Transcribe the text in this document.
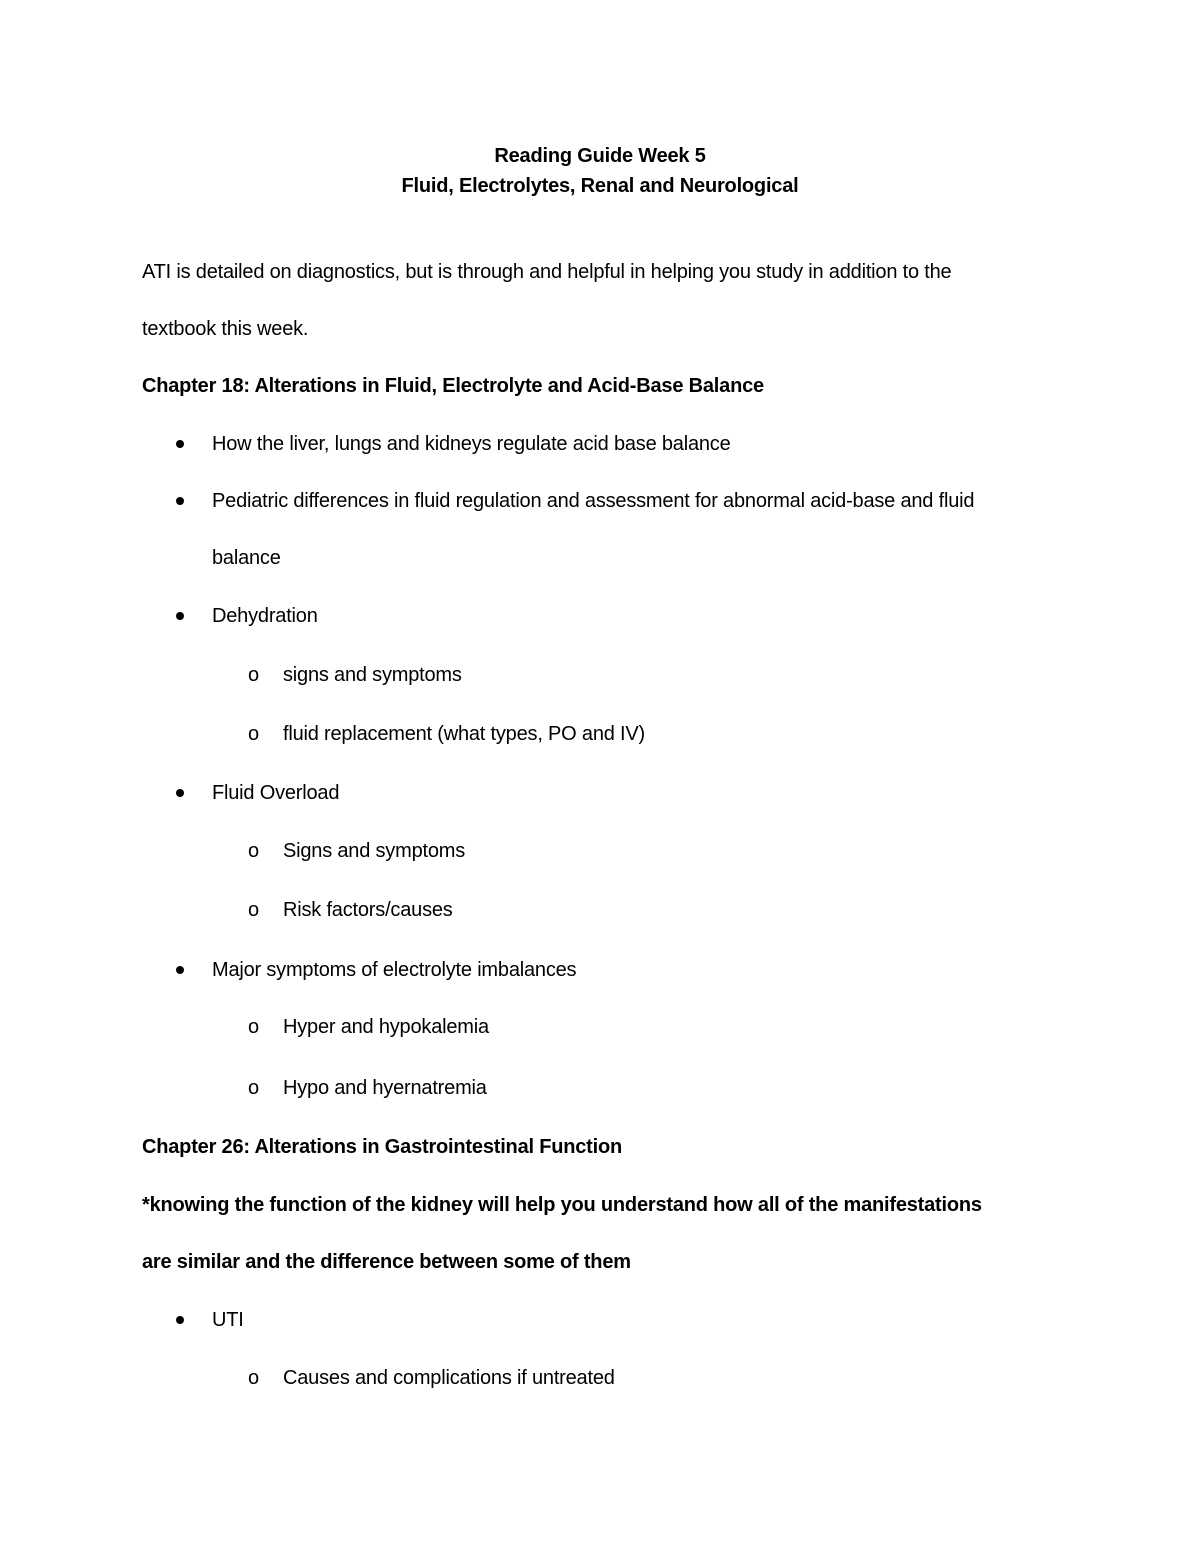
Reading Guide Week 5
Fluid, Electrolytes, Renal and Neurological
ATI is detailed on diagnostics, but is through and helpful in helping you study in addition to the
textbook this week.
Chapter 18: Alterations in Fluid, Electrolyte and Acid-Base Balance
How the liver, lungs and kidneys regulate acid base balance
Pediatric differences in fluid regulation and assessment for abnormal acid-base and fluid
balance
Dehydration
o signs and symptoms
o fluid replacement (what types, PO and IV)
Fluid Overload
o Signs and symptoms
o Risk factors/causes
Major symptoms of electrolyte imbalances
o Hyper and hypokalemia
o Hypo and hyernatremia
Chapter 26: Alterations in Gastrointestinal Function
*knowing the function of the kidney will help you understand how all of the manifestations
are similar and the difference between some of them
UTI
o Causes and complications if untreated
